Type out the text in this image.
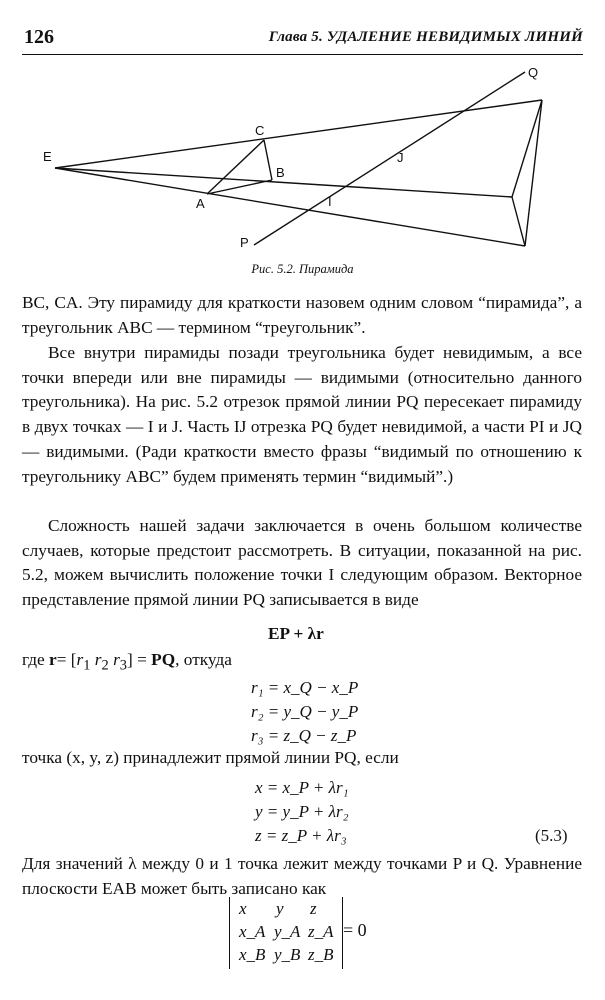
126	Глава 5. УДАЛЕНИЕ НЕВИДИМЫХ ЛИНИЙ
E
C
B
A	I
J
P
Q
Рис. 5.2. Пирамида

BC, CA. Эту пирамиду для краткости назовем одним словом “пирамида”, а треугольник ABC — термином “треугольник”.

Все внутри пирамиды позади треугольника будет невидимым, а все точки впереди или вне пирамиды — видимыми (относительно данного треугольника). На рис. 5.2 отрезок прямой линии PQ пересекает пирамиду в двух точках — I и J. Часть IJ отрезка PQ будет невидимой, а части PI и JQ — видимыми. (Ради краткости вместо фразы “видимый по отношению к треугольнику ABC” будем применять термин “видимый”.)

Сложность нашей задачи заключается в очень большом количестве случаев, которые предстоит рассмотреть. В ситуации, показанной на рис. 5.2, можем вычислить положение точки I следующим образом. Векторное представление прямой линии PQ записывается в виде

EP + λr
где $r= [r_1$ $r_2$ $r_3$] = PQ, откуда
r₁ = x_Q − x_P
r₂ = y_Q − y_P
r₃ = z_Q − z_P
точка (x, y, z) принадлежит прямой линии PQ, если
x = x_P + λr₁
y = y_P + λr₂
z = z_P + λr₃	(5.3)

Для значений λ между 0 и 1 точка лежит между точками P и Q. Уравнение плоскости EAB может быть записано как

x y z
x_A y_A z_A
x_B y_B z_B
= 0
